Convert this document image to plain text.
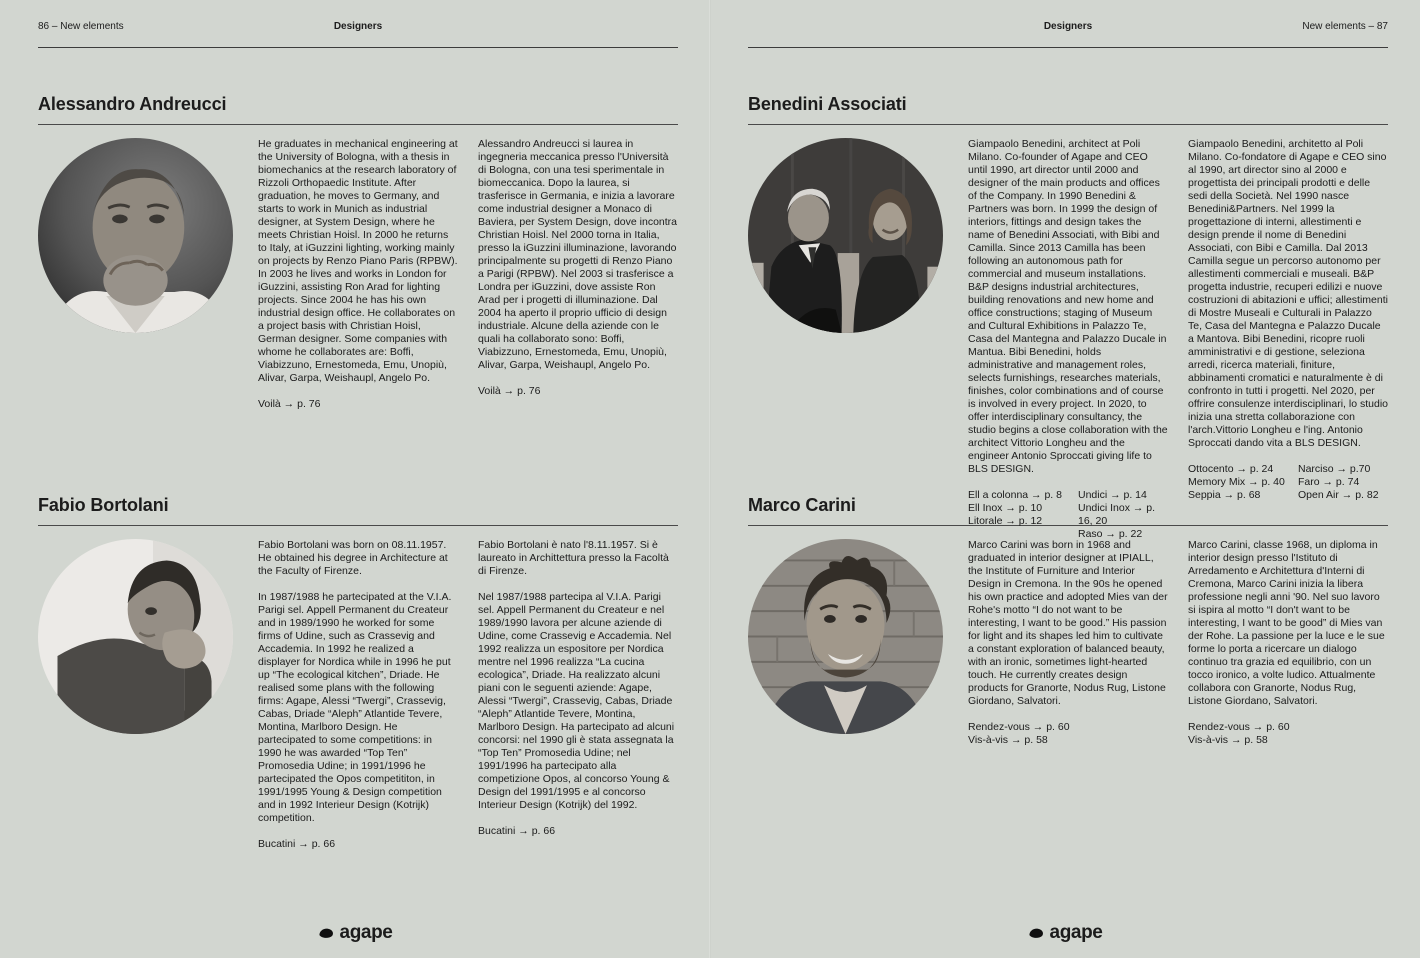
86 – New elements	Designers
Alessandro Andreucci

He graduates in mechanical engineering at the University of Bologna, with a thesis in biomechanics at the research laboratory of Rizzoli Orthopaedic Institute. After graduation, he moves to Germany, and starts to work in Munich as industrial designer, at System Design, where he meets Christian Hoisl. In 2000 he returns to Italy, at iGuzzini lighting, working mainly on projects by Renzo Piano Paris (RPBW). In 2003 he lives and works in London for iGuzzini, assisting Ron Arad for lighting projects. Since 2004 he has his own industrial design office. He collaborates on a project basis with Christian Hoisl, German designer. Some companies with whome he collaborates are: Boffi, Viabizzuno, Ernestomeda, Emu, Unopiù, Alivar, Garpa, Weishaupl, Angelo Po.

Voilà → p. 76

Alessandro Andreucci si laurea in ingegneria meccanica presso l'Università di Bologna, con una tesi sperimentale in biomeccanica. Dopo la laurea, si trasferisce in Germania, e inizia a lavorare come industrial designer a Monaco di Baviera, per System Design, dove incontra Christian Hoisl. Nel 2000 torna in Italia, presso la iGuzzini illuminazione, lavorando principalmente su progetti di Renzo Piano a Parigi (RPBW). Nel 2003 si trasferisce a Londra per iGuzzini, dove assiste Ron Arad per i progetti di illuminazione. Dal 2004 ha aperto il proprio ufficio di design industriale. Alcune della aziende con le quali ha collaborato sono: Boffi, Viabizzuno, Ernestomeda, Emu, Unopiù, Alivar, Garpa, Weishaupl, Angelo Po.

Voilà → p. 76
Fabio Bortolani

Fabio Bortolani was born on 08.11.1957. He obtained his degree in Architecture at the Faculty of Firenze.

In 1987/1988 he partecipated at the V.I.A. Parigi sel. Appell Permanent du Createur and in 1989/1990 he worked for some firms of Udine, such as Crassevig and Accademia. In 1992 he realized a displayer for Nordica while in 1996 he put up “The ecological kitchen”, Driade. He realised some plans with the following firms: Agape, Alessi “Twergi”, Crassevig, Cabas, Driade “Aleph” Atlantide Tevere, Montina, Marlboro Design. He partecipated to some competitions: in 1990 he was awarded “Top Ten” Promosedia Udine; in 1991/1996 he partecipated the Opos competititon, in 1991/1995 Young & Design competition and in 1992 Interieur Design (Kotrijk) competition.

Bucatini → p. 66

Fabio Bortolani è nato l'8.11.1957. Si è laureato in Archittettura presso la Facoltà di Firenze.

Nel 1987/1988 partecipa al V.I.A. Parigi sel. Appell Permanent du Createur e nel 1989/1990 lavora per alcune aziende di Udine, come Crassevig e Accademia. Nel 1992 realizza un espositore per Nordica mentre nel 1996 realizza “La cucina ecologica”, Driade. Ha realizzato alcuni piani con le seguenti aziende: Agape, Alessi “Twergi”, Crassevig, Cabas, Driade “Aleph” Atlantide Tevere, Montina, Marlboro Design. Ha partecipato ad alcuni concorsi: nel 1990 gli è stata assegnata la “Top Ten” Promosedia Udine; nel 1991/1996 ha partecipato alla competizione Opos, al concorso Young & Design del 1991/1995 e al concorso Interieur Design (Kotrijk) del 1992.

Bucatini → p. 66
agape
Designers	New elements – 87
Benedini Associati

Giampaolo Benedini, architect at Poli Milano. Co-founder of Agape and CEO until 1990, art director until 2000 and designer of the main products and offices of the Company. In 1990 Benedini & Partners was born. In 1999 the design of interiors, fittings and design takes the name of Benedini Associati, with Bibi and Camilla. Since 2013 Camilla has been following an autonomous path for commercial and museum installations. B&P designs industrial architectures, building renovations and new home and office constructions; staging of Museum and Cultural Exhibitions in Palazzo Te, Casa del Mantegna and Palazzo Ducale in Mantua. Bibi Benedini, holds administrative and management roles, selects furnishings, researches materials, finishes, color combinations and of course is involved in every project. In 2020, to offer interdisciplinary consultancy, the studio begins a close collaboration with the architect Vittorio Longheu and the engineer Antonio Sproccati giving life to BLS DESIGN.

Ell a colonna → p. 8
Ell Inox → p. 10
Litorale → p. 12
Undici → p. 14
Undici Inox → p. 16, 20
Raso → p. 22

Giampaolo Benedini, architetto al Poli Milano. Co-fondatore di Agape e CEO sino al 1990, art director sino al 2000 e progettista dei principali prodotti e delle sedi della Società. Nel 1990 nasce Benedini&Partners. Nel 1999 la progettazione di interni, allestimenti e design prende il nome di Benedini Associati, con Bibi e Camilla. Dal 2013 Camilla segue un percorso autonomo per allestimenti commerciali e museali. B&P progetta industrie, recuperi edilizi e nuove costruzioni di abitazioni e uffici; allestimenti di Mostre Museali e Culturali in Palazzo Te, Casa del Mantegna e Palazzo Ducale a Mantova. Bibi Benedini, ricopre ruoli amministrativi e di gestione, seleziona arredi, ricerca materiali, finiture, abbinamenti cromatici e naturalmente è di confronto in tutti i progetti. Nel 2020, per offrire consulenze interdisciplinari, lo studio inizia una stretta collaborazione con l'arch.Vittorio Longheu e l'ing. Antonio Sproccati dando vita a BLS DESIGN.

Ottocento → p. 24
Memory Mix → p. 40
Seppia → p. 68
Narciso → p.70
Faro → p. 74
Open Air → p. 82
Marco Carini

Marco Carini was born in 1968 and graduated in interior designer at IPIALL, the Institute of Furniture and Interior Design in Cremona. In the 90s he opened his own practice and adopted Mies van der Rohe's motto “I do not want to be interesting, I want to be good.” His passion for light and its shapes led him to cultivate a constant exploration of balanced beauty, with an ironic, sometimes light-hearted touch. He currently creates design products for Granorte, Nodus Rug, Listone Giordano, Salvatori.

Rendez-vous → p. 60
Vis-à-vis → p. 58

Marco Carini, classe 1968, un diploma in interior design presso l'Istituto di Arredamento e Architettura d'Interni di Cremona, Marco Carini inizia la libera professione negli anni '90. Nel suo lavoro si ispira al motto “I don't want to be interesting, I want to be good” di Mies van der Rohe. La passione per la luce e le sue forme lo porta a ricercare un dialogo continuo tra grazia ed equilibrio, con un tocco ironico, a volte ludico. Attualmente collabora con Granorte, Nodus Rug, Listone Giordano, Salvatori.

Rendez-vous → p. 60
Vis-à-vis → p. 58
agape
